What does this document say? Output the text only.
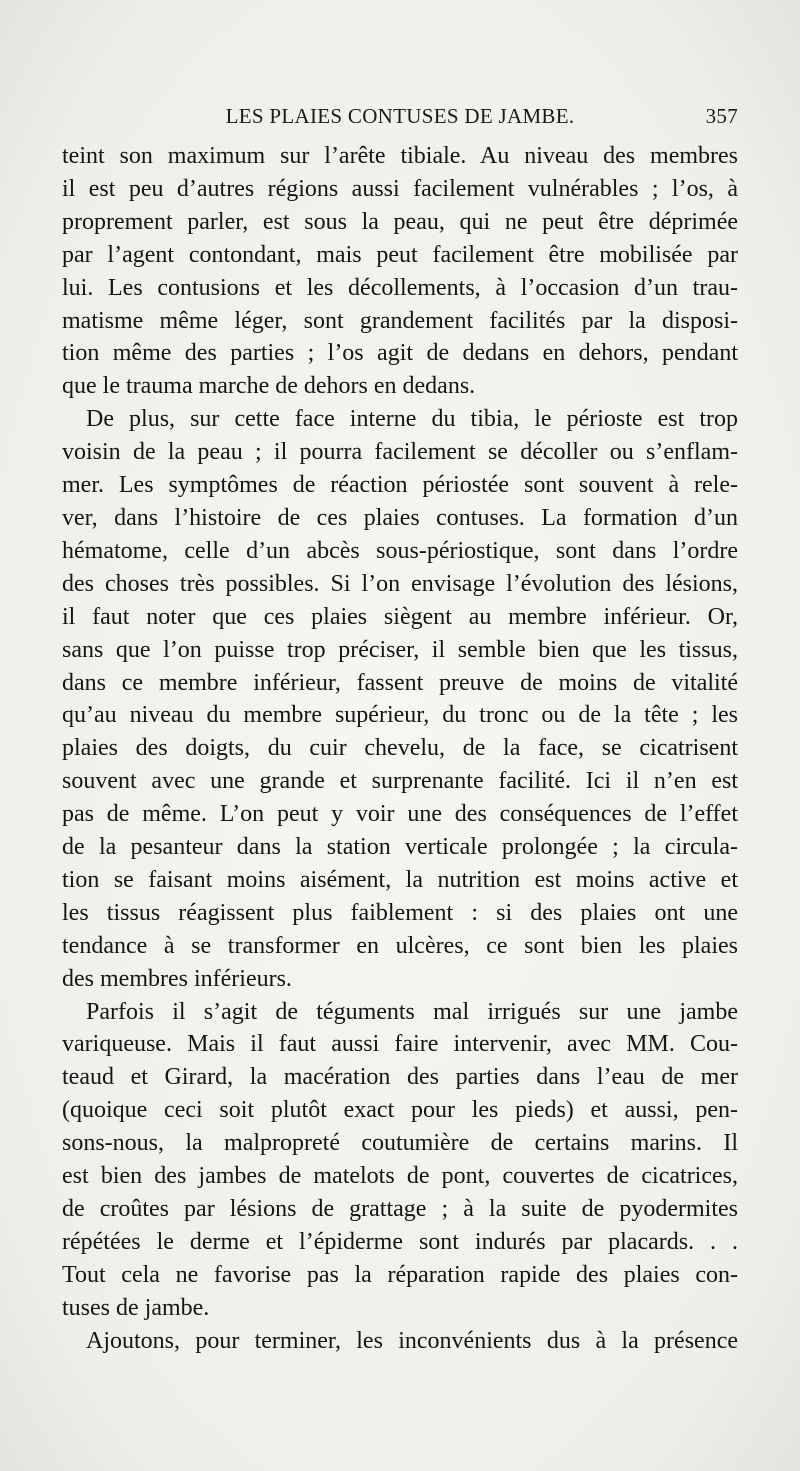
LES PLAIES CONTUSES DE JAMBE.	357

teint son maximum sur l’arête tibiale. Au niveau des membres
il est peu d’autres régions aussi facilement vulnérables ; l’os, à
proprement parler, est sous la peau, qui ne peut être déprimée
par l’agent contondant, mais peut facilement être mobilisée par
lui. Les contusions et les décollements, à l’occasion d’un trau-
matisme même léger, sont grandement facilités par la disposi-
tion même des parties ; l’os agit de dedans en dehors, pendant
que le trauma marche de dehors en dedans.

De plus, sur cette face interne du tibia, le périoste est trop
voisin de la peau ; il pourra facilement se décoller ou s’enflam-
mer. Les symptômes de réaction périostée sont souvent à rele-
ver, dans l’histoire de ces plaies contuses. La formation d’un
hématome, celle d’un abcès sous-périostique, sont dans l’ordre
des choses très possibles. Si l’on envisage l’évolution des lésions,
il faut noter que ces plaies siègent au membre inférieur. Or,
sans que l’on puisse trop préciser, il semble bien que les tissus,
dans ce membre inférieur, fassent preuve de moins de vitalité
qu’au niveau du membre supérieur, du tronc ou de la tête ; les
plaies des doigts, du cuir chevelu, de la face, se cicatrisent
souvent avec une grande et surprenante facilité. Ici il n’en est
pas de même. L’on peut y voir une des conséquences de l’effet
de la pesanteur dans la station verticale prolongée ; la circula-
tion se faisant moins aisément, la nutrition est moins active et
les tissus réagissent plus faiblement : si des plaies ont une
tendance à se transformer en ulcères, ce sont bien les plaies
des membres inférieurs.

Parfois il s’agit de téguments mal irrigués sur une jambe
variqueuse. Mais il faut aussi faire intervenir, avec MM. Cou-
teaud et Girard, la macération des parties dans l’eau de mer
(quoique ceci soit plutôt exact pour les pieds) et aussi, pen-
sons-nous, la malpropreté coutumière de certains marins. Il
est bien des jambes de matelots de pont, couvertes de cicatrices,
de croûtes par lésions de grattage ; à la suite de pyodermites
répétées le derme et l’épiderme sont indurés par placards. . .
Tout cela ne favorise pas la réparation rapide des plaies con-
tuses de jambe.

Ajoutons, pour terminer, les inconvénients dus à la présence
